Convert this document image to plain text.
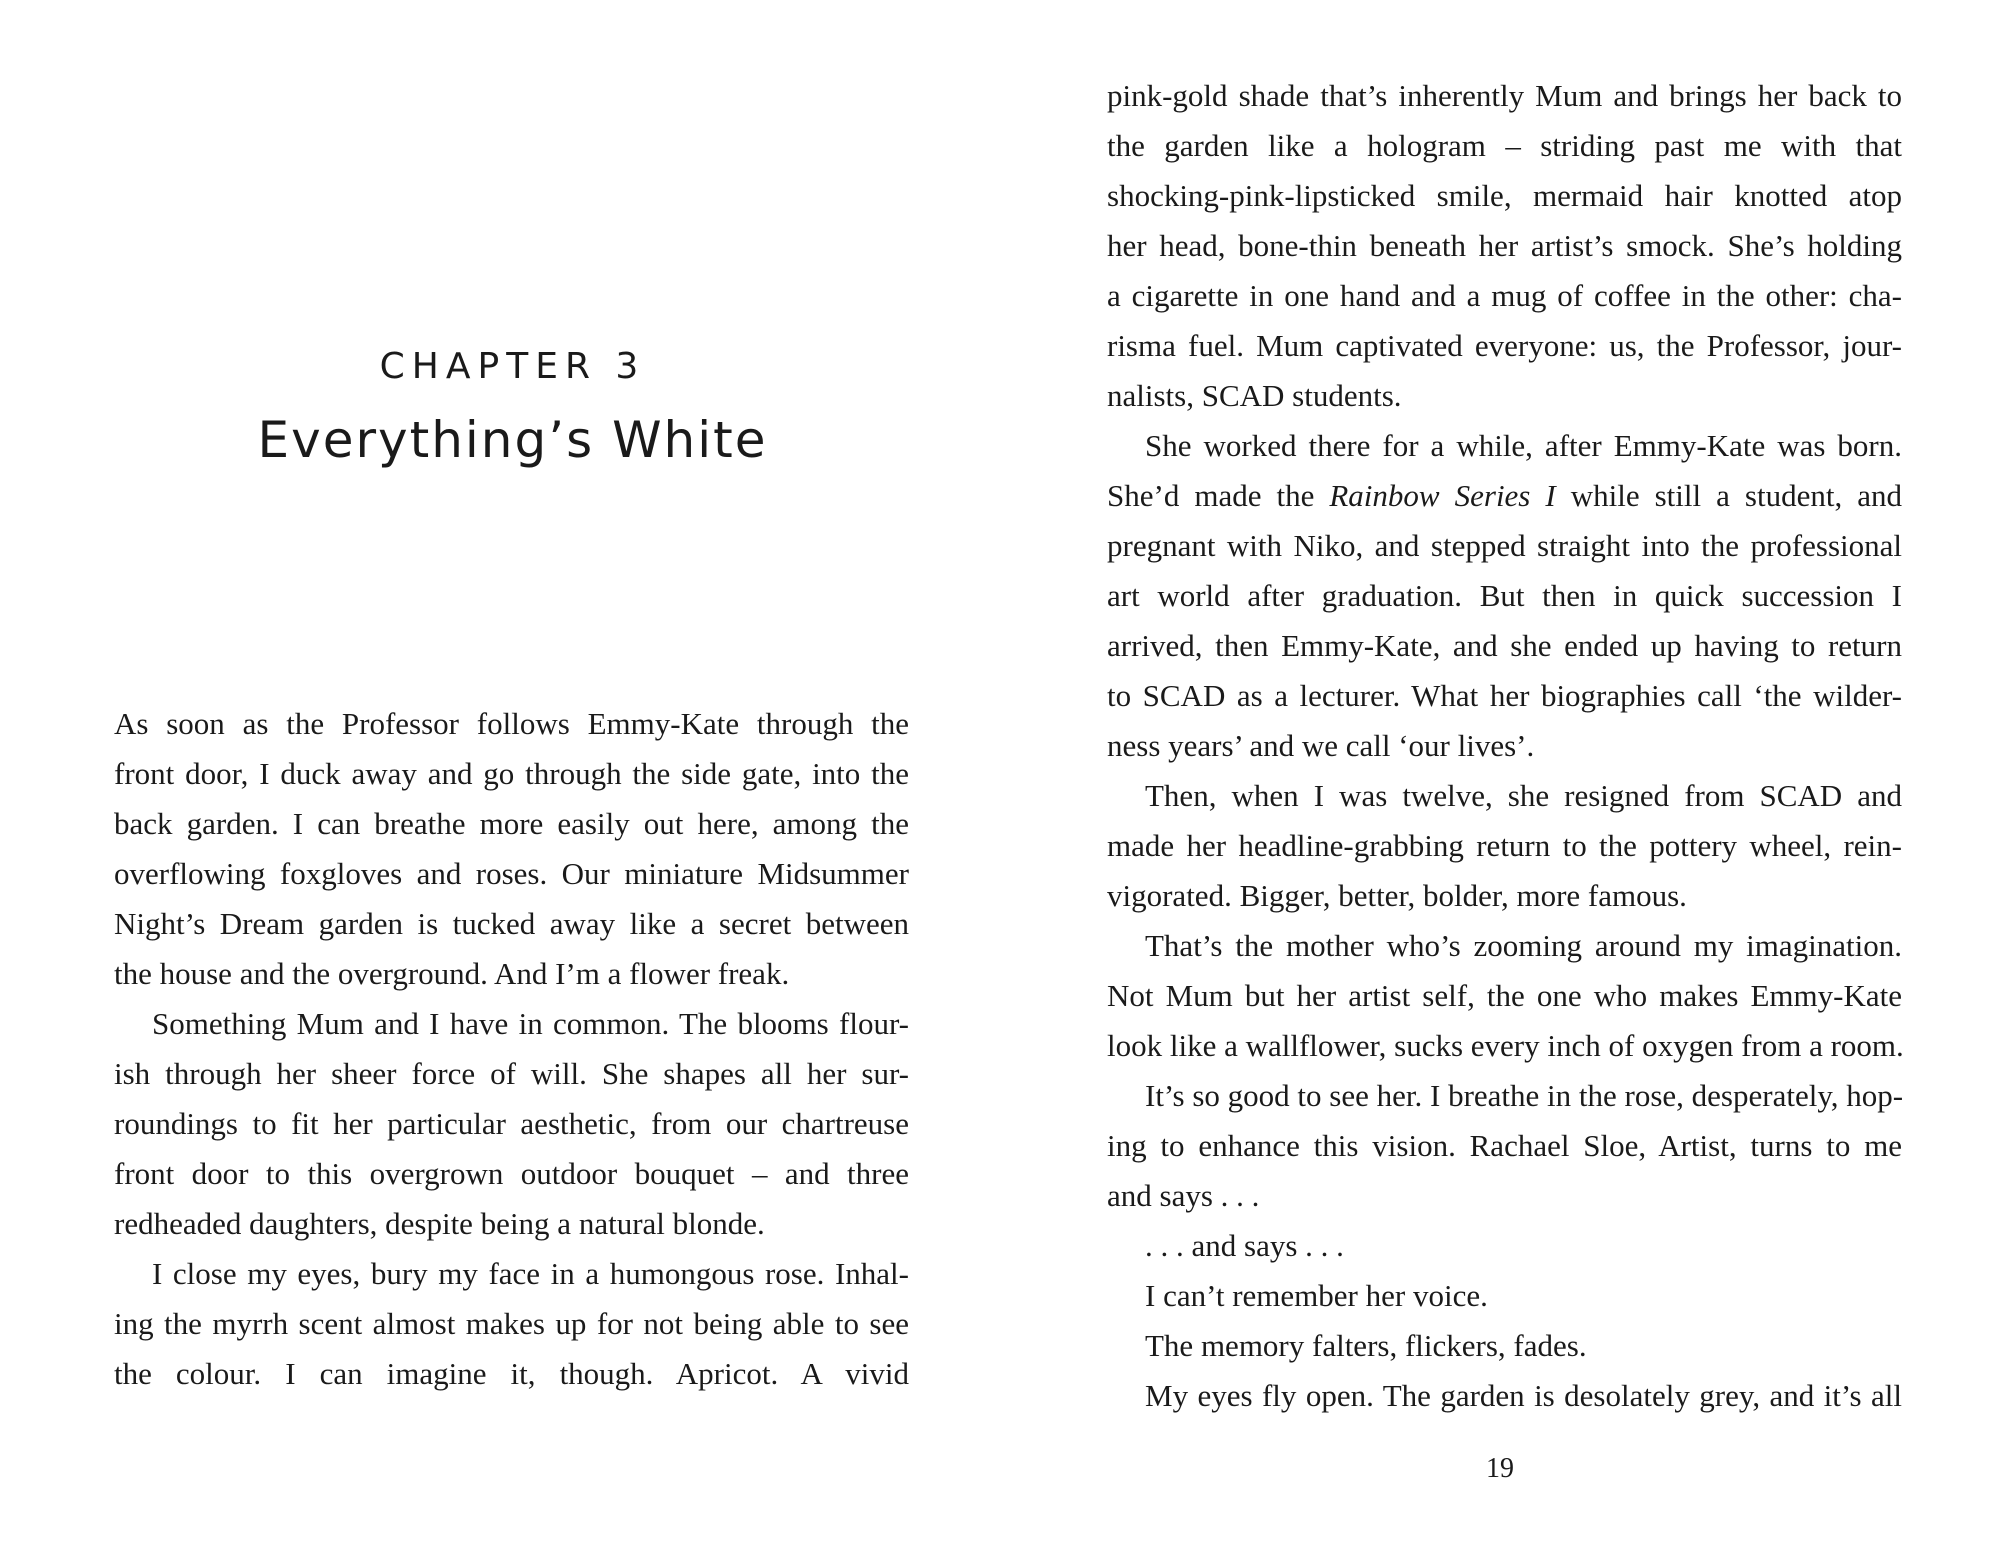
CHAPTER 3
Everything’s White
As soon as the Professor follows Emmy-Kate through the
front door, I duck away and go through the side gate, into the
back garden. I can breathe more easily out here, among the
overflowing foxgloves and roses. Our miniature Midsummer
Night’s Dream garden is tucked away like a secret between
the house and the overground. And I’m a flower freak.
Something Mum and I have in common. The blooms flour-
ish through her sheer force of will. She shapes all her sur-
roundings to fit her particular aesthetic, from our chartreuse
front door to this overgrown outdoor bouquet – and three
redheaded daughters, despite being a natural blonde.
I close my eyes, bury my face in a humongous rose. Inhal-
ing the myrrh scent almost makes up for not being able to see
the colour. I can imagine it, though. Apricot. A vivid
pink-gold shade that’s inherently Mum and brings her back to
the garden like a hologram – striding past me with that
shocking-pink-lipsticked smile, mermaid hair knotted atop
her head, bone-thin beneath her artist’s smock. She’s holding
a cigarette in one hand and a mug of coffee in the other: cha-
risma fuel. Mum captivated everyone: us, the Professor, jour-
nalists, SCAD students.
She worked there for a while, after Emmy-Kate was born.
She’d made the Rainbow Series I while still a student, and
pregnant with Niko, and stepped straight into the professional
art world after graduation. But then in quick succession I
arrived, then Emmy-Kate, and she ended up having to return
to SCAD as a lecturer. What her biographies call ‘the wilder-
ness years’ and we call ‘our lives’.
Then, when I was twelve, she resigned from SCAD and
made her headline-grabbing return to the pottery wheel, rein-
vigorated. Bigger, better, bolder, more famous.
That’s the mother who’s zooming around my imagination.
Not Mum but her artist self, the one who makes Emmy-Kate
look like a wallflower, sucks every inch of oxygen from a room.
It’s so good to see her. I breathe in the rose, desperately, hop-
ing to enhance this vision. Rachael Sloe, Artist, turns to me
and says . . .
. . . and says . . .
I can’t remember her voice.
The memory falters, flickers, fades.
My eyes fly open. The garden is desolately grey, and it’s all
19
